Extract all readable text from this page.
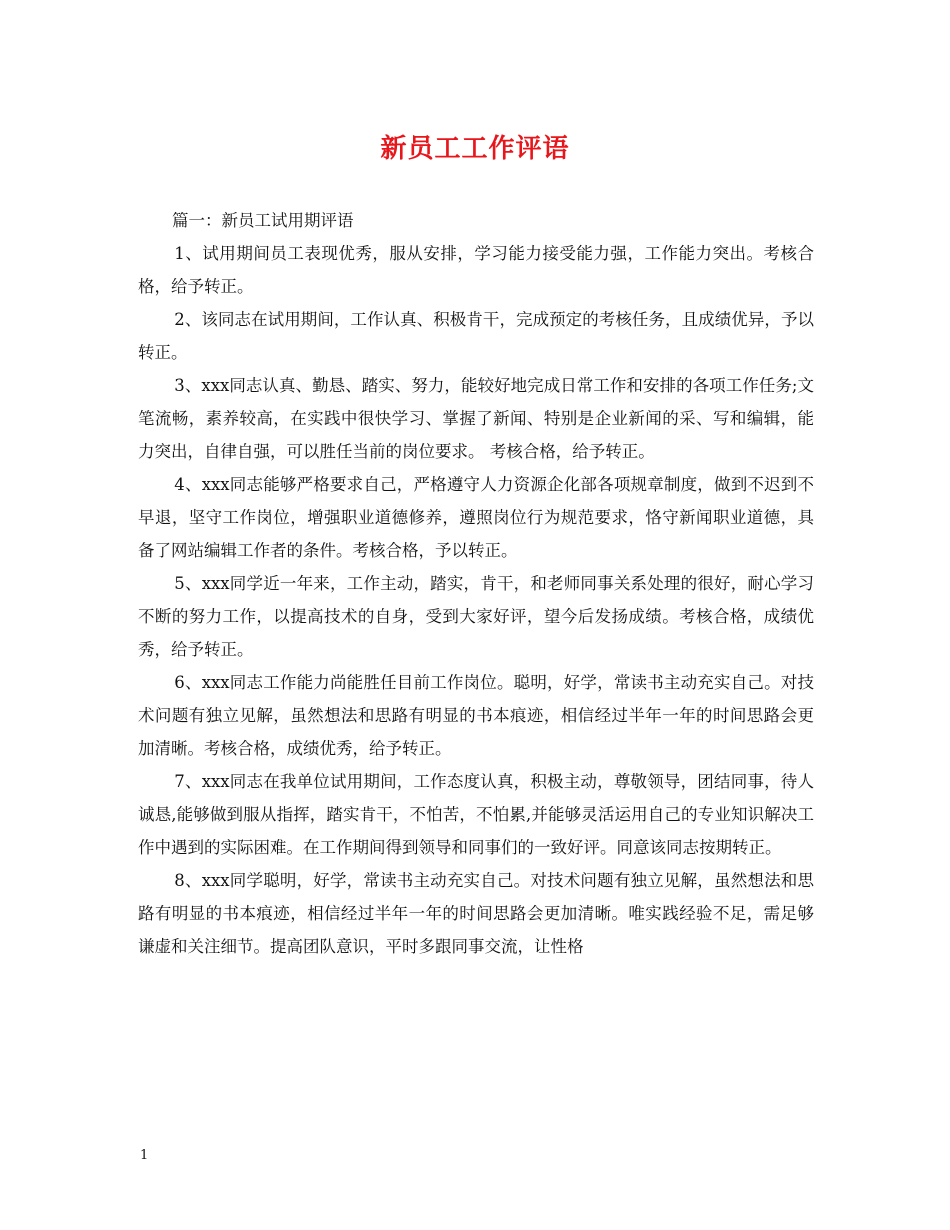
新员工工作评语

篇一：新员工试用期评语

1、试用期间员工表现优秀，服从安排，学习能力接受能力强，工作能力突出。考核合格，给予转正。

2、该同志在试用期间，工作认真、积极肯干，完成预定的考核任务，且成绩优异，予以转正。

3、xxx同志认真、勤恳、踏实、努力，能较好地完成日常工作和安排的各项工作任务;文笔流畅，素养较高，在实践中很快学习、掌握了新闻、特别是企业新闻的采、写和编辑，能力突出，自律自强，可以胜任当前的岗位要求。 考核合格，给予转正。

4、xxx同志能够严格要求自己，严格遵守人力资源企化部各项规章制度，做到不迟到不早退，坚守工作岗位，增强职业道德修养，遵照岗位行为规范要求，恪守新闻职业道德，具备了网站编辑工作者的条件。考核合格，予以转正。

5、xxx同学近一年来，工作主动，踏实，肯干，和老师同事关系处理的很好，耐心学习不断的努力工作，以提高技术的自身，受到大家好评，望今后发扬成绩。考核合格，成绩优秀，给予转正。

6、xxx同志工作能力尚能胜任目前工作岗位。聪明，好学，常读书主动充实自己。对技术问题有独立见解，虽然想法和思路有明显的书本痕迹，相信经过半年一年的时间思路会更加清晰。考核合格，成绩优秀，给予转正。

7、xxx同志在我单位试用期间，工作态度认真，积极主动，尊敬领导，团结同事，待人诚恳,能够做到服从指挥，踏实肯干，不怕苦，不怕累,并能够灵活运用自己的专业知识解决工作中遇到的实际困难。在工作期间得到领导和同事们的一致好评。同意该同志按期转正。

8、xxx同学聪明，好学，常读书主动充实自己。对技术问题有独立见解，虽然想法和思路有明显的书本痕迹，相信经过半年一年的时间思路会更加清晰。唯实践经验不足，需足够谦虚和关注细节。提高团队意识，平时多跟同事交流，让性格

1
